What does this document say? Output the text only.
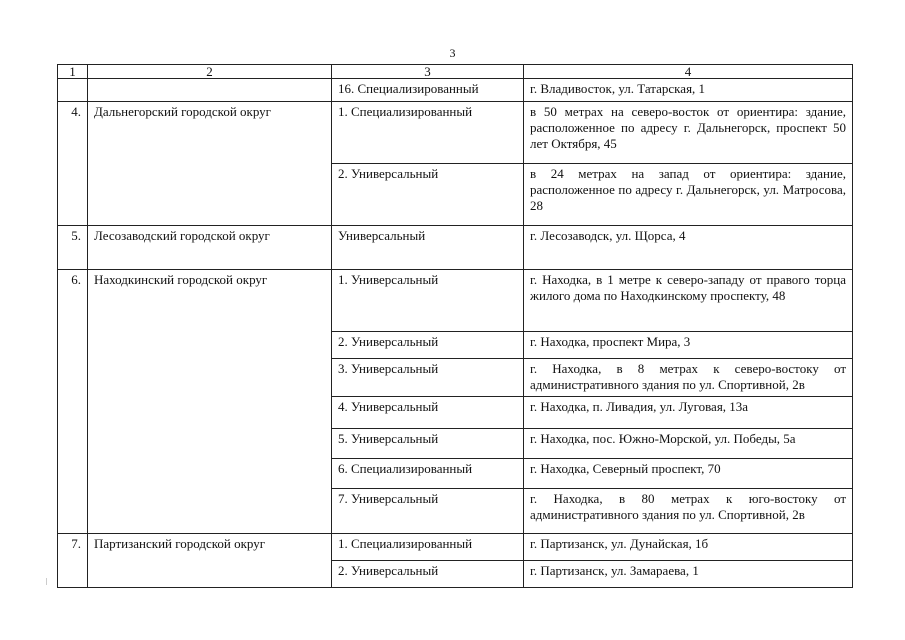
3
1	2	3	4
		16. Специализированный	г. Владивосток, ул. Татарская, 1
4.	Дальнегорский городской округ	1. Специализированный	в 50 метрах на северо-восток от ориентира: здание, расположенное по адресу г. Дальнегорск, проспект 50 лет Октября, 45
		2. Универсальный	в 24 метрах на запад от ориентира: здание, расположенное по адресу г. Дальнегорск, ул. Матросова, 28
5.	Лесозаводский городской округ	Универсальный	г. Лесозаводск, ул. Щорса, 4
6.	Находкинский городской округ	1. Универсальный	г. Находка, в 1 метре к северо-западу от правого торца жилого дома по Находкинскому проспекту, 48
		2. Универсальный	г. Находка, проспект Мира, 3
		3. Универсальный	г. Находка, в 8 метрах к северо-востоку от административного здания по ул. Спортивной, 2в
		4. Универсальный	г. Находка, п. Ливадия, ул. Луговая, 13а
		5. Универсальный	г. Находка, пос. Южно-Морской, ул. Победы, 5а
		6. Специализированный	г. Находка, Северный проспект, 70
		7. Универсальный	г. Находка, в 80 метрах к юго-востоку от административного здания по ул. Спортивной, 2в
7.	Партизанский городской округ	1. Специализированный	г. Партизанск, ул. Дунайская, 1б
		2. Универсальный	г. Партизанск, ул. Замараева, 1
